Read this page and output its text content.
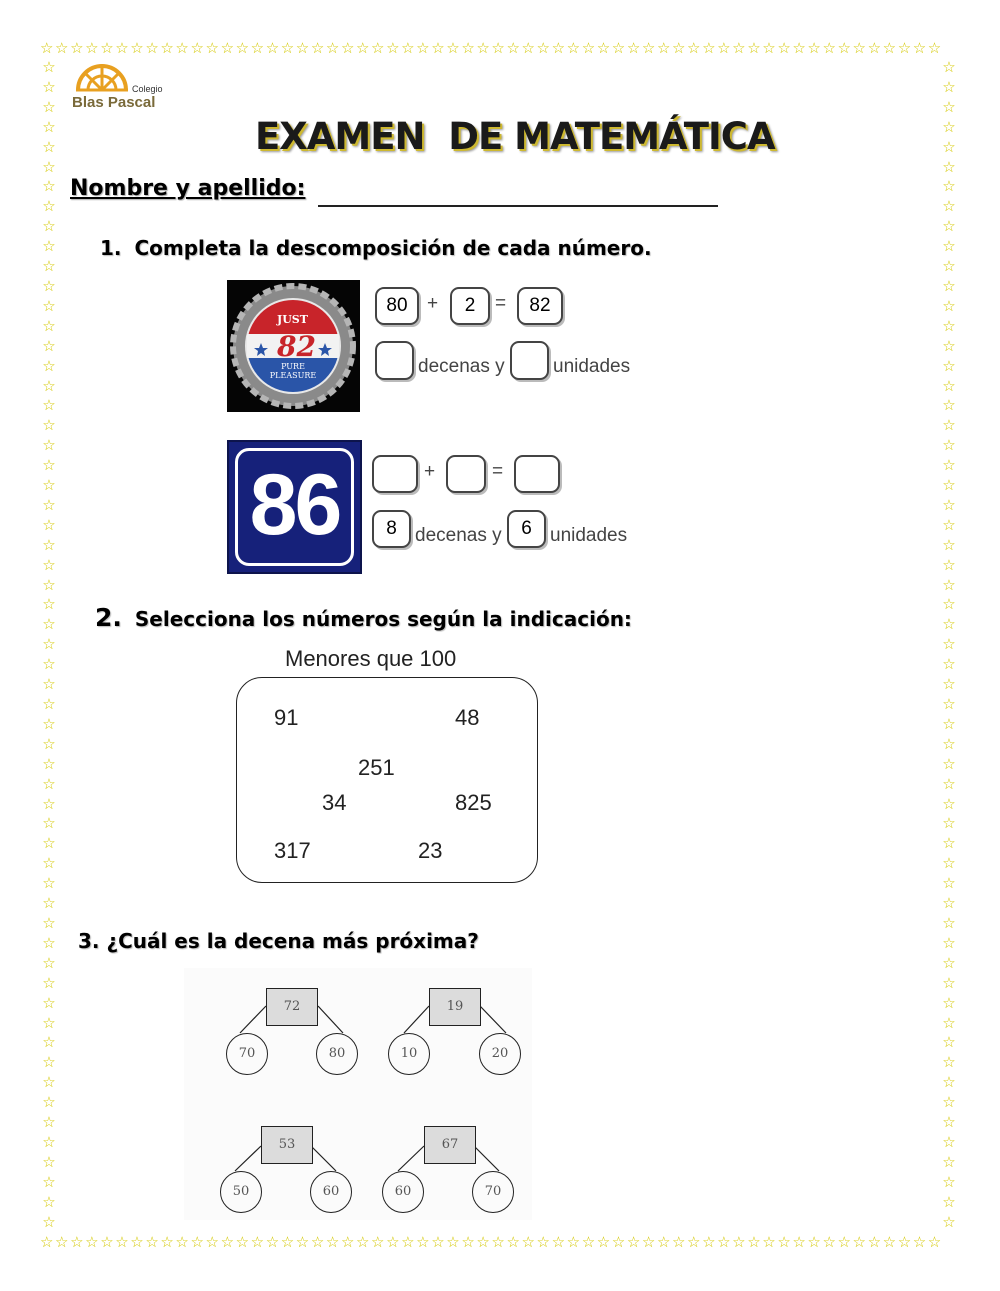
☆☆☆☆☆☆☆☆☆☆☆☆☆☆☆☆☆☆☆☆☆☆☆☆☆☆☆☆☆☆☆☆☆☆☆☆☆☆☆☆☆☆☆☆☆☆☆☆☆☆☆☆☆☆☆☆☆☆☆☆
☆☆☆☆☆☆☆☆☆☆☆☆☆☆☆☆☆☆☆☆☆☆☆☆☆☆☆☆☆☆☆☆☆☆☆☆☆☆☆☆☆☆☆☆☆☆☆☆☆☆☆☆☆☆☆☆☆☆☆☆
☆
☆
☆
☆
☆
☆
☆
☆
☆
☆
☆
☆
☆
☆
☆
☆
☆
☆
☆
☆
☆
☆
☆
☆
☆
☆
☆
☆
☆
☆
☆
☆
☆
☆
☆
☆
☆
☆
☆
☆
☆
☆
☆
☆
☆
☆
☆
☆
☆
☆
☆
☆
☆
☆
☆
☆
☆
☆
☆

☆
☆
☆
☆
☆
☆
☆
☆
☆
☆
☆
☆
☆
☆
☆
☆
☆
☆
☆
☆
☆
☆
☆
☆
☆
☆
☆
☆
☆
☆
☆
☆
☆
☆
☆
☆
☆
☆
☆
☆
☆
☆
☆
☆
☆
☆
☆
☆
☆
☆
☆
☆
☆
☆
☆
☆
☆
☆
☆

Colegio
Blas Pascal
EXAMEN  DE MATEMÁTICA
Nombre y apellido:
1. Completa la descomposición de cada número.
JUST
82
PURE PLEASURE
80	+	2	=	82
decenas y	unidades
86	+	=
8 decenas y	6 unidades
2. Selecciona los números según la indicación:
Menores que 100
91	48
251
34	825
317	23
3. ¿Cuál es la decena más próxima?
72
70	80
19
10	20
53
50	60
67
60	70
